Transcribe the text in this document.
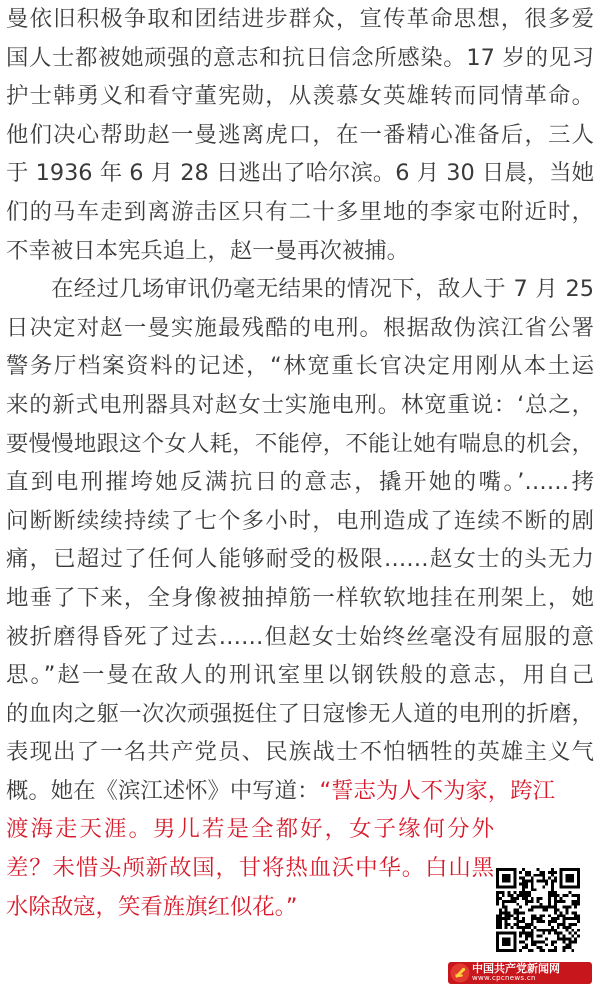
曼依旧积极争取和团结进步群众，宣传革命思想，很多爱
国人士都被她顽强的意志和抗日信念所感染。17 岁的见习
护士韩勇义和看守董宪勋，从羡慕女英雄转而同情革命。
他们决心帮助赵一曼逃离虎口，在一番精心准备后，三人
于 1936 年 6 月 28 日逃出了哈尔滨。6 月 30 日晨，当她
们的马车走到离游击区只有二十多里地的李家屯附近时，
不幸被日本宪兵追上，赵一曼再次被捕。
在经过几场审讯仍毫无结果的情况下，敌人于 7 月 25
日决定对赵一曼实施最残酷的电刑。根据敌伪滨江省公署
警务厅档案资料的记述，“林宽重长官决定用刚从本土运
来的新式电刑器具对赵女士实施电刑。林宽重说：‘总之，
要慢慢地跟这个女人耗，不能停，不能让她有喘息的机会，
直到电刑摧垮她反满抗日的意志，撬开她的嘴。’……拷
问断断续续持续了七个多小时，电刑造成了连续不断的剧
痛，已超过了任何人能够耐受的极限……赵女士的头无力
地垂了下来，全身像被抽掉筋一样软软地挂在刑架上，她
被折磨得昏死了过去……但赵女士始终丝毫没有屈服的意
思。”赵一曼在敌人的刑讯室里以钢铁般的意志，用自己
的血肉之躯一次次顽强挺住了日寇惨无人道的电刑的折磨，
表现出了一名共产党员、民族战士不怕牺牲的英雄主义气
概。她在《滨江述怀》中写道：“誓志为人不为家，跨江
渡海走天涯。男儿若是全都好，女子缘何分外
差？未惜头颅新故国，甘将热血沃中华。白山黑
水除敌寇，笑看旌旗红似花。”
中国共产党新闻网
www.cpcnews.cn
